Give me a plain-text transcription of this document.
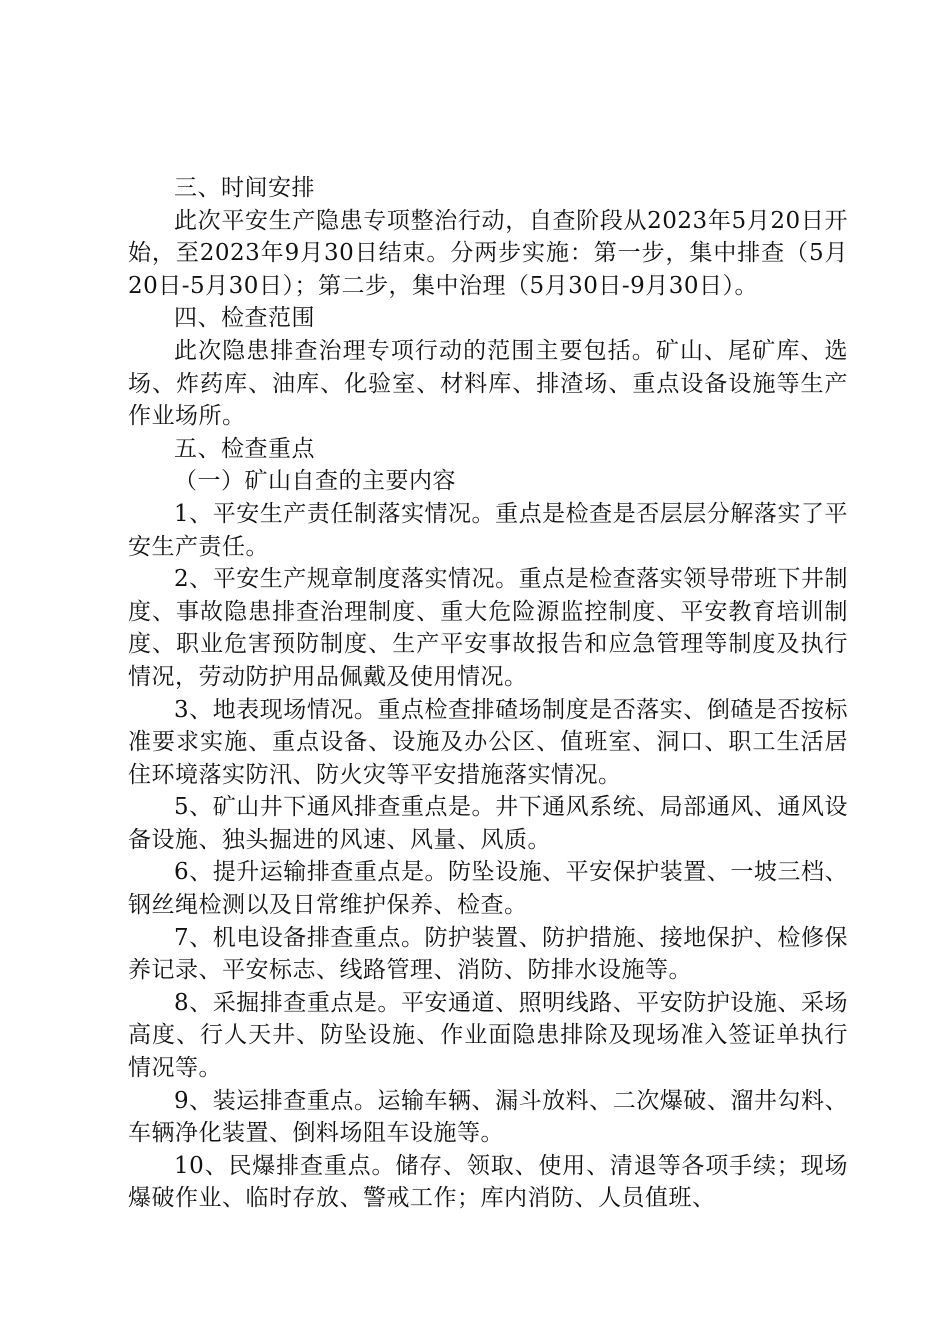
三、时间安排

此次平安生产隐患专项整治行动，自查阶段从2023年5月20日开始，至2023年9月30日结束。分两步实施：第一步，集中排查（5月20日-5月30日）；第二步，集中治理（5月30日-9月30日）。

四、检查范围

此次隐患排查治理专项行动的范围主要包括。矿山、尾矿库、选场、炸药库、油库、化验室、材料库、排渣场、重点设备设施等生产作业场所。

五、检查重点

（一）矿山自查的主要内容

1、平安生产责任制落实情况。重点是检查是否层层分解落实了平安生产责任。

2、平安生产规章制度落实情况。重点是检查落实领导带班下井制度、事故隐患排查治理制度、重大危险源监控制度、平安教育培训制度、职业危害预防制度、生产平安事故报告和应急管理等制度及执行情况，劳动防护用品佩戴及使用情况。

3、地表现场情况。重点检查排碴场制度是否落实、倒碴是否按标准要求实施、重点设备、设施及办公区、值班室、洞口、职工生活居住环境落实防汛、防火灾等平安措施落实情况。

5、矿山井下通风排查重点是。井下通风系统、局部通风、通风设备设施、独头掘进的风速、风量、风质。

6、提升运输排查重点是。防坠设施、平安保护装置、一坡三档、钢丝绳检测以及日常维护保养、检查。

7、机电设备排查重点。防护装置、防护措施、接地保护、检修保养记录、平安标志、线路管理、消防、防排水设施等。

8、采掘排查重点是。平安通道、照明线路、平安防护设施、采场高度、行人天井、防坠设施、作业面隐患排除及现场准入签证单执行情况等。

9、装运排查重点。运输车辆、漏斗放料、二次爆破、溜井勾料、车辆净化装置、倒料场阻车设施等。

10、民爆排查重点。储存、领取、使用、清退等各项手续；现场爆破作业、临时存放、警戒工作；库内消防、人员值班、
